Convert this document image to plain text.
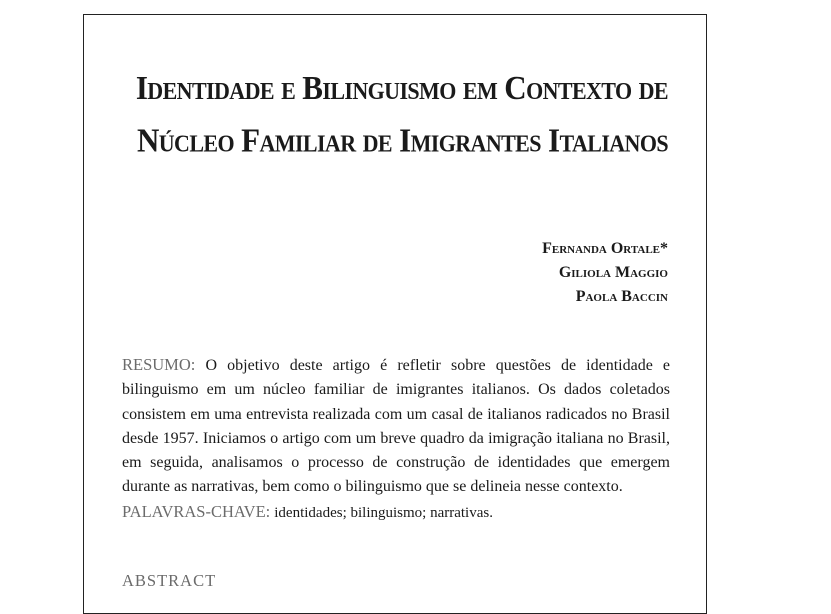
Identidade e Bilinguismo em Contexto de
Núcleo Familiar de Imigrantes Italianos
Fernanda Ortale*
Giliola Maggio
Paola Baccin
RESUMO: O objetivo deste artigo é refletir sobre questões de identidade e bilinguismo em um núcleo familiar de imigrantes italianos. Os dados coletados consistem em uma entrevista realizada com um casal de italianos radicados no Brasil desde 1957. Iniciamos o artigo com um breve quadro da imigração italiana no Brasil, em seguida, analisamos o processo de construção de identidades que emergem durante as narrativas, bem como o bilinguismo que se delineia nesse contexto.
PALAVRAS-CHAVE: identidades; bilinguismo; narrativas.
ABSTRACT
